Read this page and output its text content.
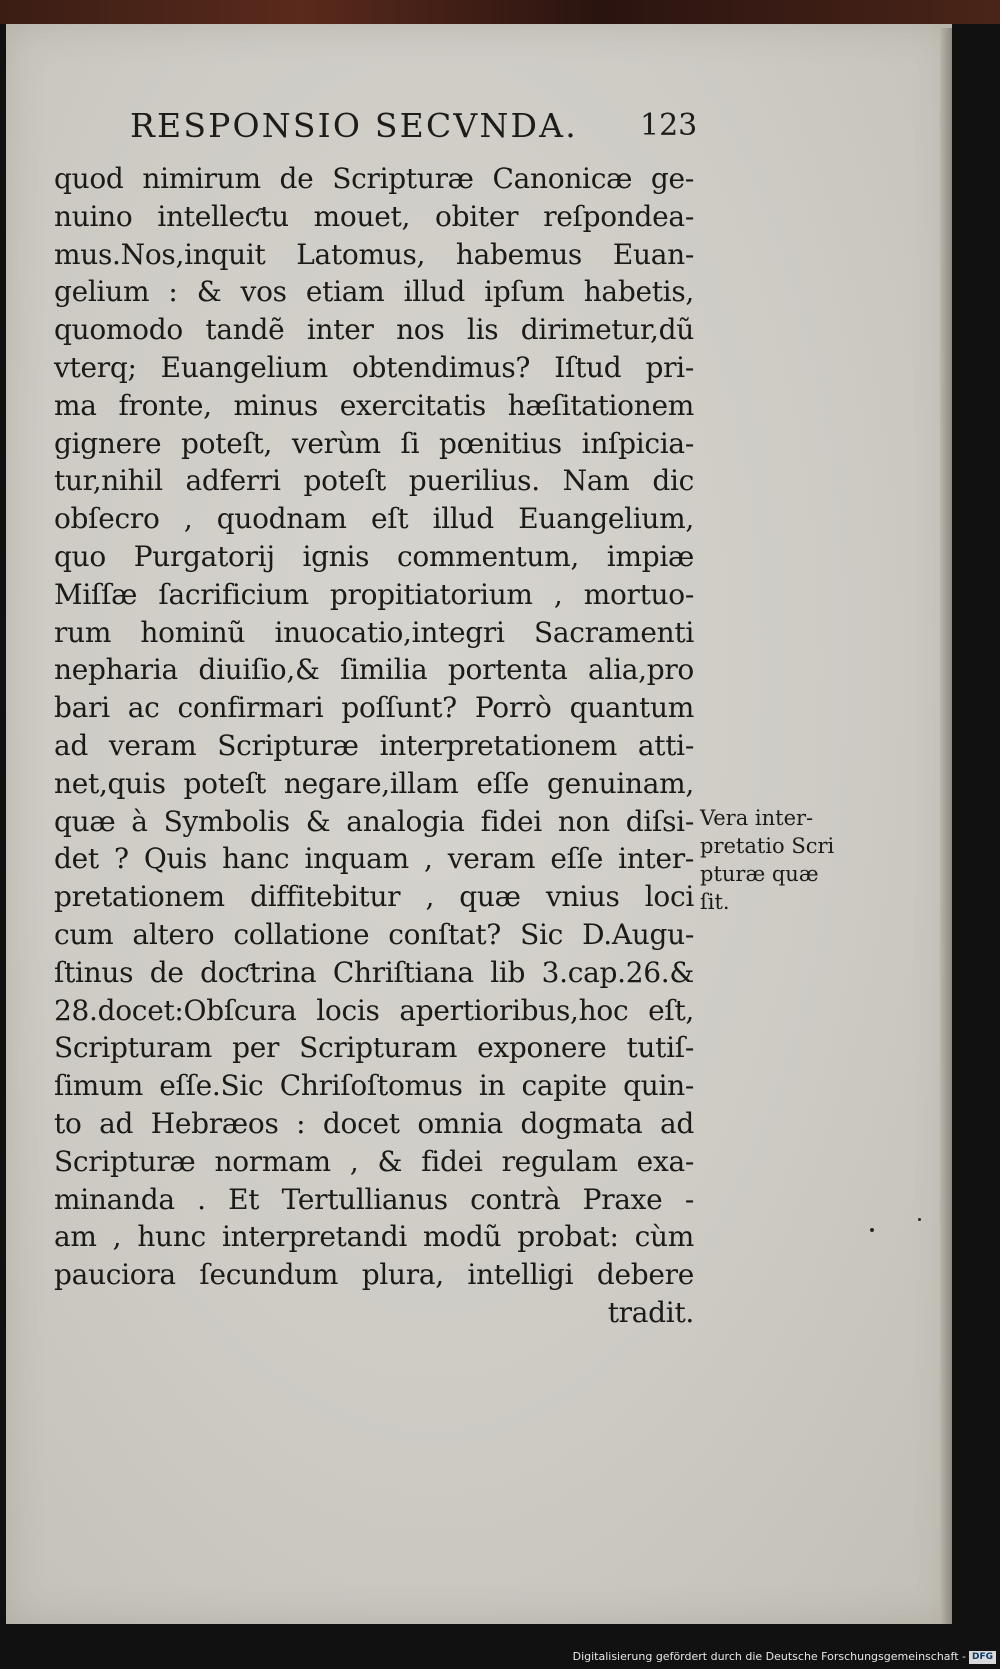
RESPONSIO SECVNDA. 123
quod nimirum de Scripturæ Canonicæ ge-
nuino intelleƈtu mouet, obiter reſpondea-
mus.Nos,inquit Latomus, habemus Euan-
gelium : & vos etiam illud ipſum habetis,
quomodo tandẽ inter nos lis dirimetur,dũ
vterq; Euangelium obtendimus? Iſtud pri-
ma fronte, minus exercitatis hæſitationem
gignere poteſt, verùm ſi pœnitius inſpicia-
tur,nihil adferri poteſt puerilius. Nam dic
obſecro , quodnam eſt illud Euangelium,
quo Purgatorij ignis commentum, impiæ
Miſſæ ſacrificium propitiatorium , mortuo-
rum hominũ inuocatio,integri Sacramenti
nepharia diuiſio,& ſimilia portenta alia,pro
bari ac confirmari poſſunt? Porrò quantum
ad veram Scripturæ interpretationem atti-
net,quis poteſt negare,illam eſſe genuinam,
quæ à Symbolis & analogia fidei non diſsi-
det ? Quis hanc inquam , veram eſſe inter-
pretationem diffitebitur , quæ vnius loci
cum altero collatione conſtat? Sic D.Augu-
ſtinus de doƈtrina Chriſtiana lib 3.cap.26.&
28.docet:Obſcura locis apertioribus,hoc eſt,
Scripturam per Scripturam exponere tutiſ-
ſimum eſſe.Sic Chriſoſtomus in capite quin-
to ad Hebræos : docet omnia dogmata ad
Scripturæ normam , & fidei regulam exa-
minanda . Et Tertullianus contrà Praxe -
am , hunc interpretandi modũ probat: cùm
pauciora ſecundum plura, intelligi debere
tradit.
Vera inter-
pretatio Scri
pturæ quæ
ſit.
Digitalisierung gefördert durch die Deutsche Forschungsgemeinschaft - DFG
